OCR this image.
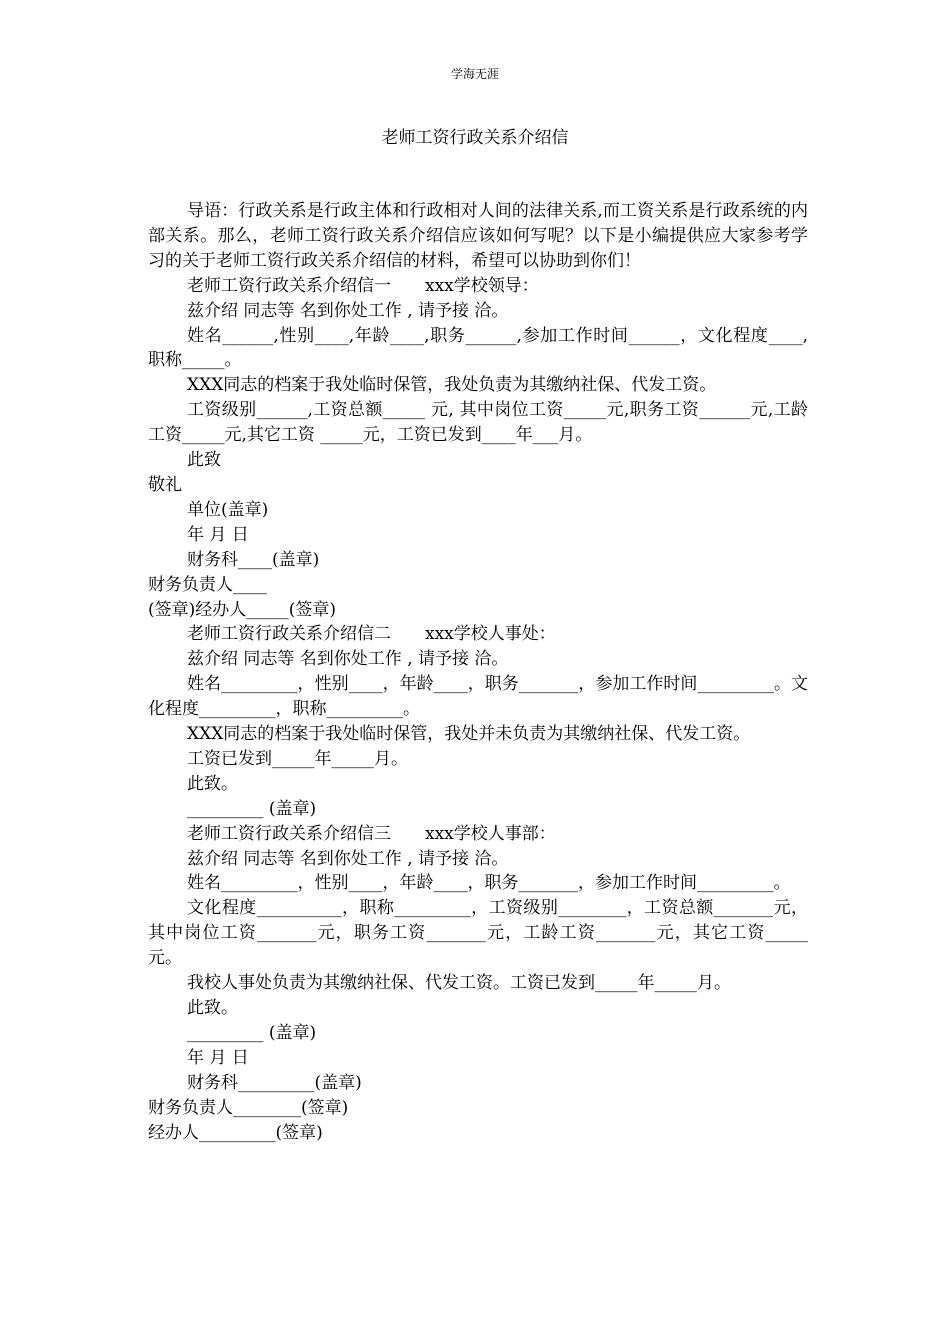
学海无涯
老师工资行政关系介绍信

导语：行政关系是行政主体和行政相对人间的法律关系,而工资关系是行政系统的内部关系。那么，老师工资行政关系介绍信应该如何写呢？以下是小编提供应大家参考学习的关于老师工资行政关系介绍信的材料，希望可以协助到你们！

老师工资行政关系介绍信一　　xxx学校领导：

兹介绍 同志等 名到你处工作 , 请予接 洽。

姓名______,性别____,年龄____,职务______,参加工作时间______，文化程度____,职称_____。

XXX同志的档案于我处临时保管，我处负责为其缴纳社保、代发工资。

工资级别______,工资总额_____ 元, 其中岗位工资_____元,职务工资______元,工龄工资_____元,其它工资 _____元，工资已发到____年___月。

此致

敬礼

单位(盖章)

年 月 日

财务科____(盖章)

财务负责人____

(签章)经办人_____(签章)

老师工资行政关系介绍信二　　xxx学校人事处：

兹介绍 同志等 名到你处工作 , 请予接 洽。

姓名_________，性别____，年龄____，职务_______，参加工作时间_________。文化程度_________，职称_________。

XXX同志的档案于我处临时保管，我处并未负责为其缴纳社保、代发工资。

工资已发到_____年_____月。

此致。

_________ (盖章)

老师工资行政关系介绍信三　　xxx学校人事部：

兹介绍 同志等 名到你处工作 , 请予接 洽。

姓名_________，性别____，年龄____，职务_______，参加工作时间_________。

文化程度__________，职称_________，工资级别________，工资总额_______元，其中岗位工资_______元，职务工资_______元，工龄工资_______元，其它工资_____元。

我校人事处负责为其缴纳社保、代发工资。工资已发到_____年_____月。

此致。

_________ (盖章)

年 月 日

财务科_________(盖章)

财务负责人________(签章)

经办人_________(签章)
